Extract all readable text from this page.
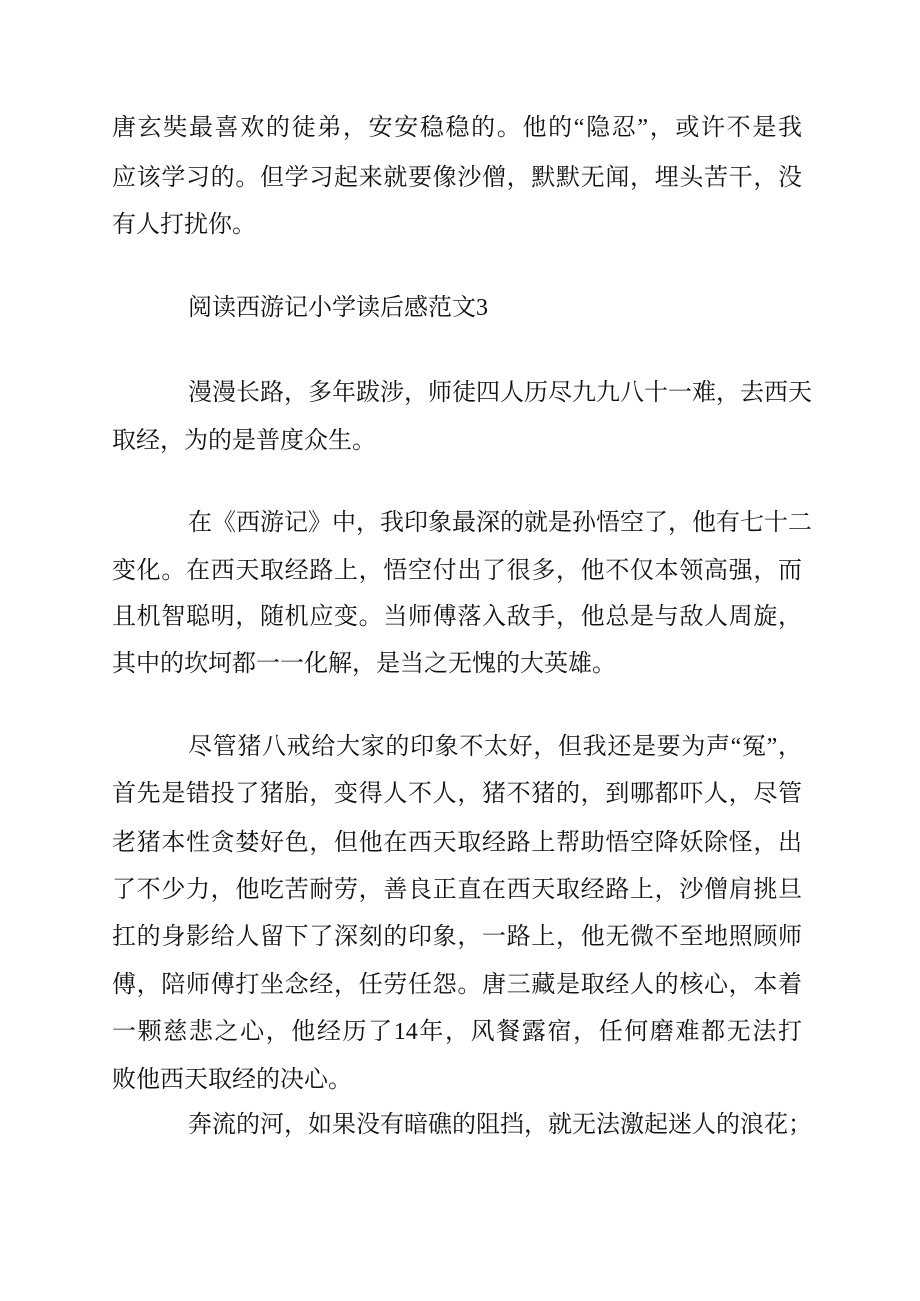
唐玄奘最喜欢的徒弟，安安稳稳的。他的“隐忍”，或许不是我
应该学习的。但学习起来就要像沙僧，默默无闻，埋头苦干，没
有人打扰你。
阅读西游记小学读后感范文3
漫漫长路，多年跋涉，师徒四人历尽九九八十一难，去西天
取经，为的是普度众生。
在《西游记》中，我印象最深的就是孙悟空了，他有七十二
变化。在西天取经路上，悟空付出了很多，他不仅本领高强，而
且机智聪明，随机应变。当师傅落入敌手，他总是与敌人周旋，
其中的坎坷都一一化解，是当之无愧的大英雄。
尽管猪八戒给大家的印象不太好，但我还是要为声“冤”，
首先是错投了猪胎，变得人不人，猪不猪的，到哪都吓人，尽管
老猪本性贪婪好色，但他在西天取经路上帮助悟空降妖除怪，出
了不少力，他吃苦耐劳，善良正直在西天取经路上，沙僧肩挑旦
扛的身影给人留下了深刻的印象，一路上，他无微不至地照顾师
傅，陪师傅打坐念经，任劳任怨。唐三藏是取经人的核心，本着
一颗慈悲之心，他经历了14年，风餐露宿，任何磨难都无法打
败他西天取经的决心。
奔流的河，如果没有暗礁的阻挡，就无法激起迷人的浪花；
